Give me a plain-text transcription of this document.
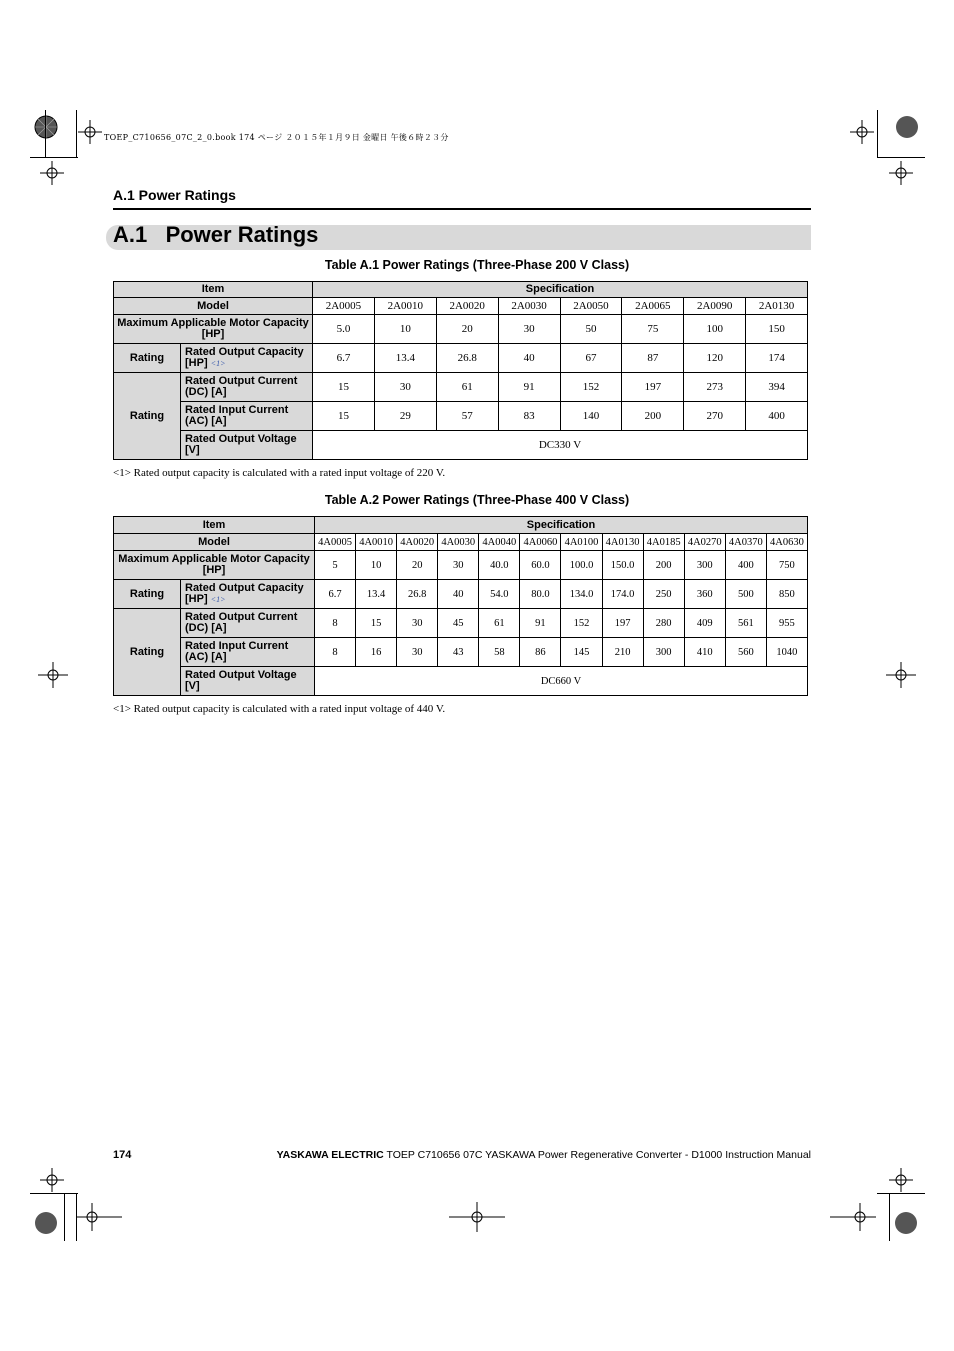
TOEP_C710656_07C_2_0.book 174 ページ ２０１５年１月９日 金曜日 午後６時２３分
A.1 Power Ratings
A.1   Power Ratings
Table A.1 Power Ratings (Three-Phase 200 V Class)
Item		Specification							
Model		2A0005	2A0010	2A0020	2A0030	2A0050	2A0065	2A0090	2A0130
Maximum Applicable Motor Capacity [HP]		5.0	10	20	30	50	75	100	150
Rating	Rated Output Capacity [HP] <1>	6.7	13.4	26.8	40	67	87	120	174
Rating	Rated Output Current (DC) [A]	15	30	61	91	152	197	273	394
	Rated Input Current (AC) [A]	15	29	57	83	140	200	270	400
	Rated Output Voltage [V]	DC330 V							
<1> Rated output capacity is calculated with a rated input voltage of 220 V.
Table A.2 Power Ratings (Three-Phase 400 V Class)
Item		Specification											
Model		4A0005	4A0010	4A0020	4A0030	4A0040	4A0060	4A0100	4A0130	4A0185	4A0270	4A0370	4A0630
Maximum Applicable Motor Capacity [HP]		5	10	20	30	40.0	60.0	100.0	150.0	200	300	400	750
Rating	Rated Output Capacity [HP] <1>	6.7	13.4	26.8	40	54.0	80.0	134.0	174.0	250	360	500	850
Rating	Rated Output Current (DC) [A]	8	15	30	45	61	91	152	197	280	409	561	955
	Rated Input Current (AC) [A]	8	16	30	43	58	86	145	210	300	410	560	1040
	Rated Output Voltage [V]	DC660 V											
<1> Rated output capacity is calculated with a rated input voltage of 440 V.
174	YASKAWA ELECTRIC TOEP C710656 07C YASKAWA Power Regenerative Converter - D1000 Instruction Manual
